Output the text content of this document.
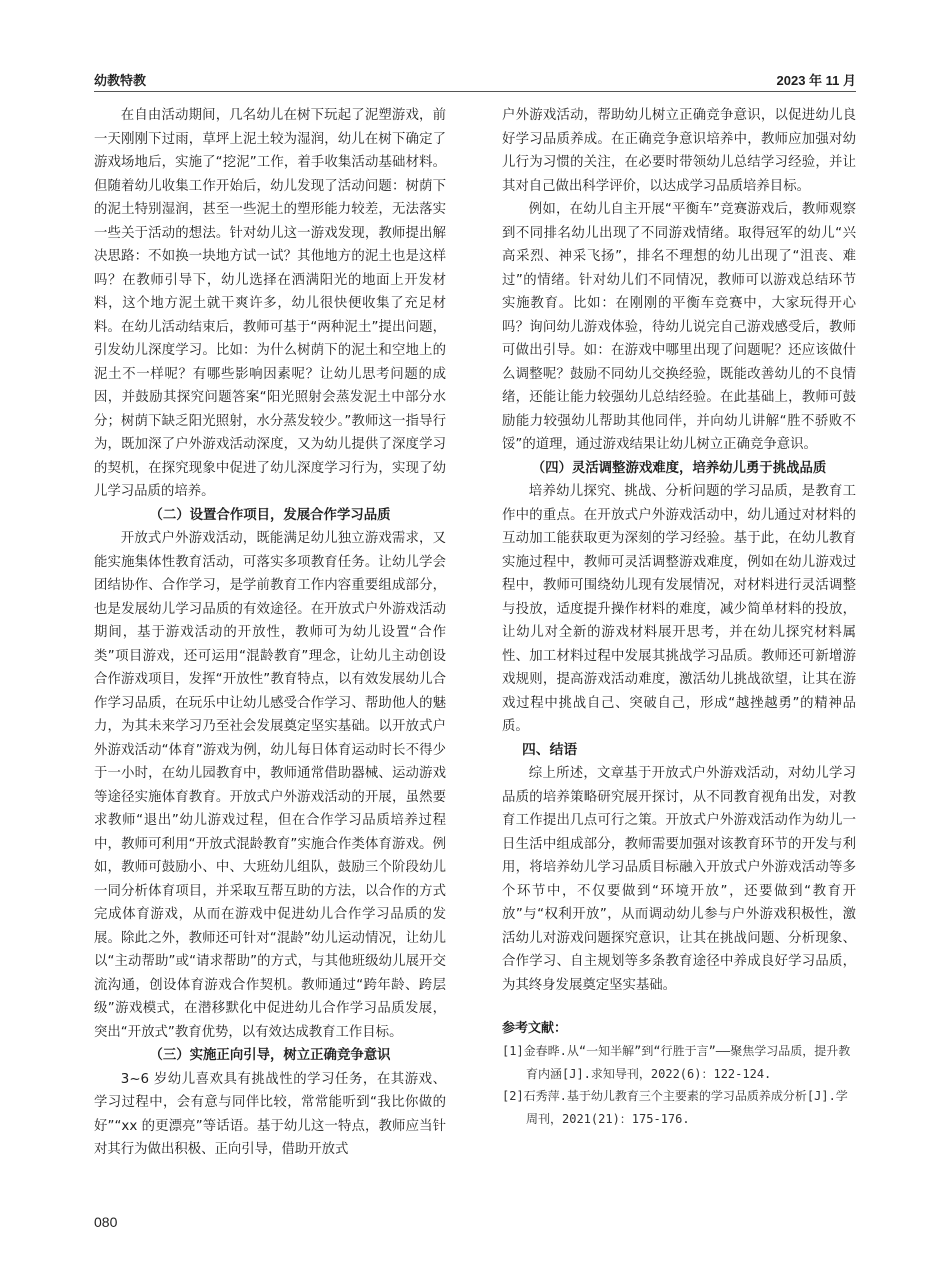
幼教特教	2023 年 11 月

在自由活动期间，几名幼儿在树下玩起了泥塑游戏，前一天刚刚下过雨，草坪上泥土较为湿润，幼儿在树下确定了游戏场地后，实施了“挖泥”工作，着手收集活动基础材料。但随着幼儿收集工作开始后，幼儿发现了活动问题：树荫下的泥土特别湿润，甚至一些泥土的塑形能力较差，无法落实一些关于活动的想法。针对幼儿这一游戏发现，教师提出解决思路：不如换一块地方试一试？其他地方的泥土也是这样吗？在教师引导下，幼儿选择在洒满阳光的地面上开发材料，这个地方泥土就干爽许多，幼儿很快便收集了充足材料。在幼儿活动结束后，教师可基于“两种泥土”提出问题，引发幼儿深度学习。比如：为什么树荫下的泥土和空地上的泥土不一样呢？有哪些影响因素呢？让幼儿思考问题的成因，并鼓励其探究问题答案“阳光照射会蒸发泥土中部分水分；树荫下缺乏阳光照射，水分蒸发较少。”教师这一指导行为，既加深了户外游戏活动深度，又为幼儿提供了深度学习的契机，在探究现象中促进了幼儿深度学习行为，实现了幼儿学习品质的培养。

（二）设置合作项目，发展合作学习品质

开放式户外游戏活动，既能满足幼儿独立游戏需求，又能实施集体性教育活动，可落实多项教育任务。让幼儿学会团结协作、合作学习，是学前教育工作内容重要组成部分，也是发展幼儿学习品质的有效途径。在开放式户外游戏活动期间，基于游戏活动的开放性，教师可为幼儿设置“合作类”项目游戏，还可运用“混龄教育”理念，让幼儿主动创设合作游戏项目，发挥“开放性”教育特点，以有效发展幼儿合作学习品质，在玩乐中让幼儿感受合作学习、帮助他人的魅力，为其未来学习乃至社会发展奠定坚实基础。以开放式户外游戏活动“体育”游戏为例，幼儿每日体育运动时长不得少于一小时，在幼儿园教育中，教师通常借助器械、运动游戏等途径实施体育教育。开放式户外游戏活动的开展，虽然要求教师“退出”幼儿游戏过程，但在合作学习品质培养过程中，教师可利用“开放式混龄教育”实施合作类体育游戏。例如，教师可鼓励小、中、大班幼儿组队，鼓励三个阶段幼儿一同分析体育项目，并采取互帮互助的方法，以合作的方式完成体育游戏，从而在游戏中促进幼儿合作学习品质的发展。除此之外，教师还可针对“混龄”幼儿运动情况，让幼儿以“主动帮助”或“请求帮助”的方式，与其他班级幼儿展开交流沟通，创设体育游戏合作契机。教师通过“跨年龄、跨层级”游戏模式，在潜移默化中促进幼儿合作学习品质发展，突出“开放式”教育优势，以有效达成教育工作目标。

（三）实施正向引导，树立正确竞争意识

3~6 岁幼儿喜欢具有挑战性的学习任务，在其游戏、学习过程中，会有意与同伴比较，常常能听到“我比你做的好”“xx 的更漂亮”等话语。基于幼儿这一特点，教师应当针对其行为做出积极、正向引导，借助开放式

户外游戏活动，帮助幼儿树立正确竞争意识，以促进幼儿良好学习品质养成。在正确竞争意识培养中，教师应加强对幼儿行为习惯的关注，在必要时带领幼儿总结学习经验，并让其对自己做出科学评价，以达成学习品质培养目标。

例如，在幼儿自主开展“平衡车”竞赛游戏后，教师观察到不同排名幼儿出现了不同游戏情绪。取得冠军的幼儿“兴高采烈、神采飞扬”，排名不理想的幼儿出现了“沮丧、难过”的情绪。针对幼儿们不同情况，教师可以游戏总结环节实施教育。比如：在刚刚的平衡车竞赛中，大家玩得开心吗？询问幼儿游戏体验，待幼儿说完自己游戏感受后，教师可做出引导。如：在游戏中哪里出现了问题呢？还应该做什么调整呢？鼓励不同幼儿交换经验，既能改善幼儿的不良情绪，还能让能力较强幼儿总结经验。在此基础上，教师可鼓励能力较强幼儿帮助其他同伴，并向幼儿讲解“胜不骄败不馁”的道理，通过游戏结果让幼儿树立正确竞争意识。

（四）灵活调整游戏难度，培养幼儿勇于挑战品质

培养幼儿探究、挑战、分析问题的学习品质，是教育工作中的重点。在开放式户外游戏活动中，幼儿通过对材料的互动加工能获取更为深刻的学习经验。基于此，在幼儿教育实施过程中，教师可灵活调整游戏难度，例如在幼儿游戏过程中，教师可围绕幼儿现有发展情况，对材料进行灵活调整与投放，适度提升操作材料的难度，减少简单材料的投放，让幼儿对全新的游戏材料展开思考，并在幼儿探究材料属性、加工材料过程中发展其挑战学习品质。教师还可新增游戏规则，提高游戏活动难度，激活幼儿挑战欲望，让其在游戏过程中挑战自己、突破自己，形成“越挫越勇”的精神品质。

四、结语

综上所述，文章基于开放式户外游戏活动，对幼儿学习品质的培养策略研究展开探讨，从不同教育视角出发，对教育工作提出几点可行之策。开放式户外游戏活动作为幼儿一日生活中组成部分，教师需要加强对该教育环节的开发与利用，将培养幼儿学习品质目标融入开放式户外游戏活动等多个环节中，不仅要做到“环境开放”，还要做到“教育开放”与“权利开放”，从而调动幼儿参与户外游戏积极性，激活幼儿对游戏问题探究意识，让其在挑战问题、分析现象、合作学习、自主规划等多条教育途径中养成良好学习品质，为其终身发展奠定坚实基础。

参考文献：
[1]金春晔.从“一知半解”到“行胜于言”——聚焦学习品质，提升教育内涵[J].求知导刊，2022(6)：122-124.
[2]石秀萍.基于幼儿教育三个主要素的学习品质养成分析[J].学周刊，2021(21)：175-176.
080
